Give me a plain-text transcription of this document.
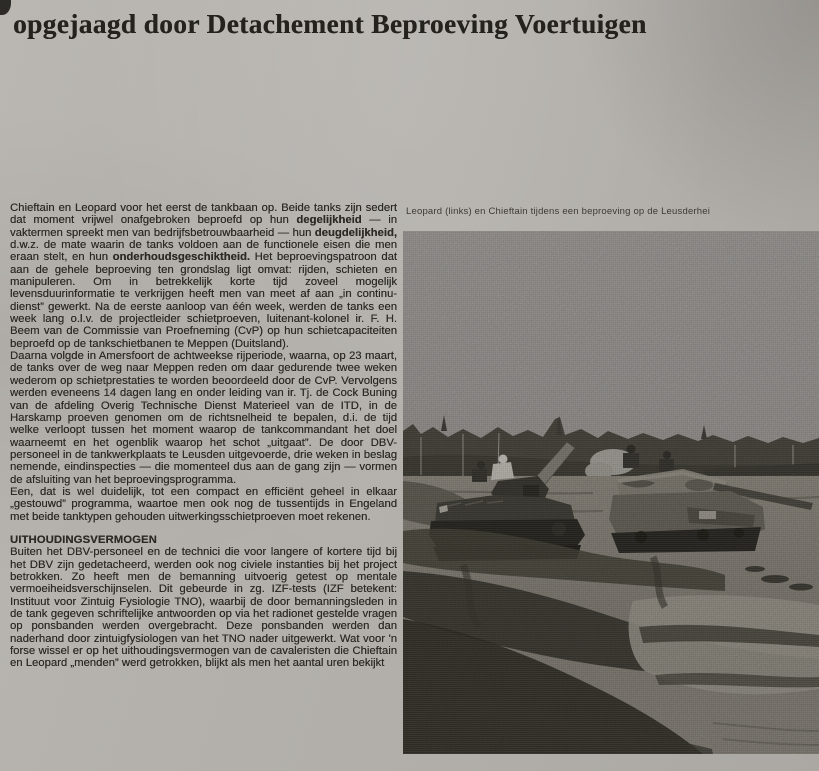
opgejaagd door Detachement Beproeving Voertuigen

Chieftain en Leopard voor het eerst de tankbaan op. Beide tanks zijn sedert dat moment vrijwel onafgebroken beproefd op hun degelijkheid — in vaktermen spreekt men van bedrijfsbetrouwbaarheid — hun deugdelijkheid, d.w.z. de mate waarin de tanks voldoen aan de functionele eisen die men eraan stelt, en hun onderhoudsgeschiktheid. Het beproevingspatroon dat aan de gehele beproeving ten grondslag ligt omvat: rijden, schieten en manipuleren. Om in betrekkelijk korte tijd zoveel mogelijk levensduurinformatie te verkrijgen heeft men van meet af aan „in continu-dienst” gewerkt. Na de eerste aanloop van één week, werden de tanks een week lang o.l.v. de projectleider schietproeven, luitenant-kolonel ir. F. H. Beem van de Commissie van Proefneming (CvP) op hun schietcapaciteiten beproefd op de tankschietbanen te Meppen (Duitsland).

Daarna volgde in Amersfoort de achtweekse rijperiode, waarna, op 23 maart, de tanks over de weg naar Meppen reden om daar gedurende twee weken wederom op schietprestaties te worden beoordeeld door de CvP. Vervolgens werden eveneens 14 dagen lang en onder leiding van ir. Tj. de Cock Buning van de afdeling Overig Technische Dienst Materieel van de ITD, in de Harskamp proeven genomen om de richtsnelheid te bepalen, d.i. de tijd welke verloopt tussen het moment waarop de tankcommandant het doel waarneemt en het ogenblik waarop het schot „uitgaat”. De door DBV-personeel in de tankwerkplaats te Leusden uitgevoerde, drie weken in beslag nemende, eindinspecties — die momenteel dus aan de gang zijn — vormen de afsluiting van het beproevingsprogramma.

Een, dat is wel duidelijk, tot een compact en efficiënt geheel in elkaar „gestouwd” programma, waartoe men ook nog de tussentijds in Engeland met beide tanktypen gehouden uitwerkingsschietproeven moet rekenen.

UITHOUDINGSVERMOGEN

Buiten het DBV-personeel en de technici die voor langere of kortere tijd bij het DBV zijn gedetacheerd, werden ook nog civiele instanties bij het project betrokken. Zo heeft men de bemanning uitvoerig getest op mentale vermoeiheidsverschijnselen. Dit gebeurde in zg. IZF-tests (IZF betekent: Instituut voor Zintuig Fysiologie TNO), waarbij de door bemanningsleden in de tank gegeven schriftelijke antwoorden op via het radionet gestelde vragen op ponsbanden werden overgebracht. Deze ponsbanden werden dan naderhand door zintuigfysiologen van het TNO nader uitgewerkt. Wat voor 'n forse wissel er op het uithoudingsvermogen van de cavaleristen die Chieftain en Leopard „menden” werd getrokken, blijkt als men het aantal uren bekijkt

Leopard (links) en Chieftain tijdens een beproeving op de Leusderhei
